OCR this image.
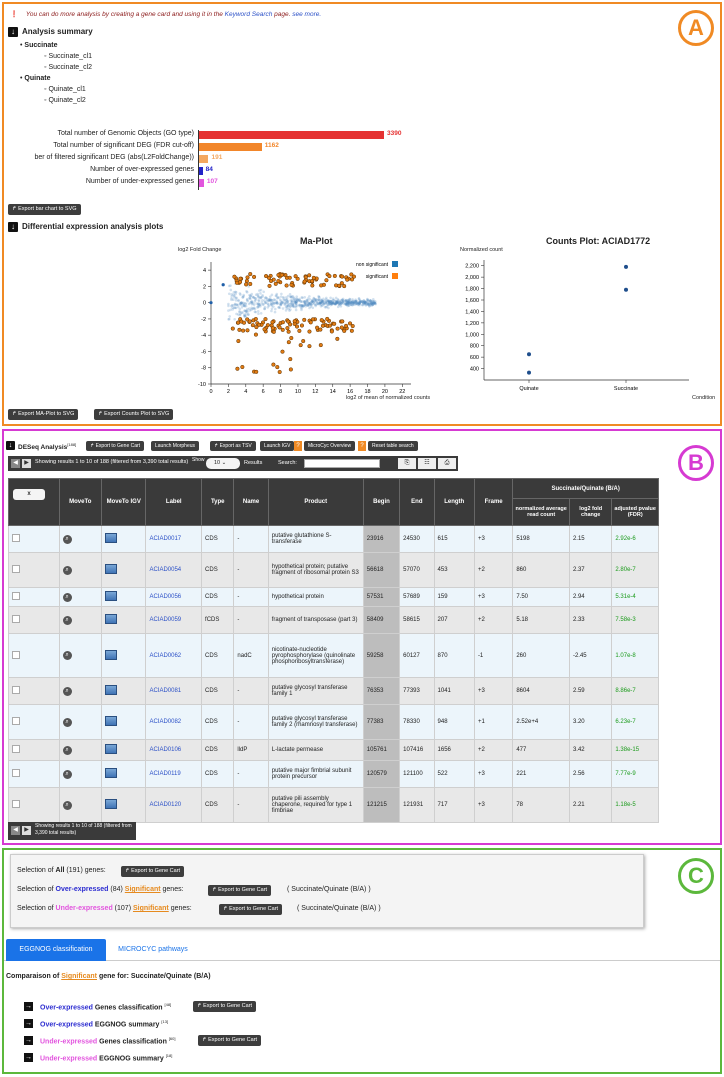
A
❗ You can do more analysis by creating a gene card and using it in the Keyword Search page. see more.
↓ Analysis summary
• Succinate
◦ Succinate_cl1
◦ Succinate_cl2
• Quinate
◦ Quinate_cl1
◦ Quinate_cl2
Total number of Genomic Objects (GO type)	3390
Total number of significant DEG (FDR cut-off)	1162
ber of filtered significant DEG (abs(L2FoldChange))	191
Number of over-expressed genes 84
Number of under-expressed genes 107
↱ Export bar chart to SVG
↓ Differential expression analysis plots
Ma-Plot
log2 Fold Change
4
2
0
-2
-4
-6
-8
-10
0	2	4	6	8 10 12 14 16 18 20 22
non significant
significant
log2 of mean of normalized counts
Counts Plot: ACIAD1772
Normalized count
2,200
2,000
1,800
1,600
1,400
1,200
1,000
800
600
400
Quinate	Succinate
Condition
↱ Export MA-Plot to SVG	↱ Export Counts Plot to SVG
B
↓ DESeq Analysis[188]	↱ Export to Gene Cart	Launch Morpheus	↱ Export as TSV	Launch IGV ?	MicroCyc Overview	?	Reset table search
◀	▶	Showing results 1 to 10 of 188 (filtered from 3,390 total results) Show	10 ⌄	Results	Search:	⎘	☷	⎙
x	MoveTo	MoveTo IGV	Label	Type	Name	Product	Begin	End	Length	Frame	Succinate/Quinate (B/A)		
											normalized average read count	log2 fold change	adjusted pvalue (FDR)
	⌕		ACIAD0017	CDS	-	putative glutathione S-transferase	23916	24530	615	+3	5198	2.15	2.92e-6
	⌕		ACIAD0054	CDS	-	hypothetical protein; putative fragment of ribosomal protein S3	56618	57070	453	+2	860	2.37	2.80e-7
	⌕		ACIAD0056	CDS	-	hypothetical protein	57531	57689	159	+3	7.50	2.94	5.31e-4
	⌕		ACIAD0059	fCDS	-	fragment of transposase (part 3)	58409	58615	207	+2	5.18	2.33	7.58e-3
	⌕		ACIAD0062	CDS	nadC	nicotinate-nucleotide pyrophosphorylase (quinolinate phosphoribosyltransferase)	59258	60127	870	-1	260	-2.45	1.07e-8
	⌕		ACIAD0081	CDS	-	putative glycosyl transferase family 1	76353	77393	1041	+3	8604	2.59	8.86e-7
	⌕		ACIAD0082	CDS	-	putative glycosyl transferase family 2 (rhamnosyl transferase)	77383	78330	948	+1	2.52e+4	3.20	6.23e-7
	⌕		ACIAD0106	CDS	lldP	L-lactate permease	105761	107416	1656	+2	477	3.42	1.38e-15
	⌕		ACIAD0119	CDS	-	putative major fimbrial subunit protein precursor	120579	121100	522	+3	221	2.56	7.77e-9
	⌕		ACIAD0120	CDS	-	putative pili assembly chaperone, required for type 1 fimbriae	121215	121931	717	+3	78	2.21	1.18e-5
◀	▶
Showing results 1 to 10 of 188 (filtered from 3,390 total results)
C
Selection of All (191) genes:	↱ Export to Gene Cart
Selection of Over-expressed (84) Significant genes:	↱ Export to Gene Cart	( Succinate/Quinate (B/A) )
Selection of Under-expressed (107) Significant genes:	↱ Export to Gene Cart	( Succinate/Quinate (B/A) )
EGGNOG classification	MICROCYC pathways
Comparaison of Significant gene for: Succinate/Quinate (B/A)
→ Over-expressed Genes classification [48]	↱ Export to Gene Cart
→ Over-expressed EGGNOG summary [13]
→ Under-expressed Genes classification [60]	↱ Export to Gene Cart
→ Under-expressed EGGNOG summary [18]
